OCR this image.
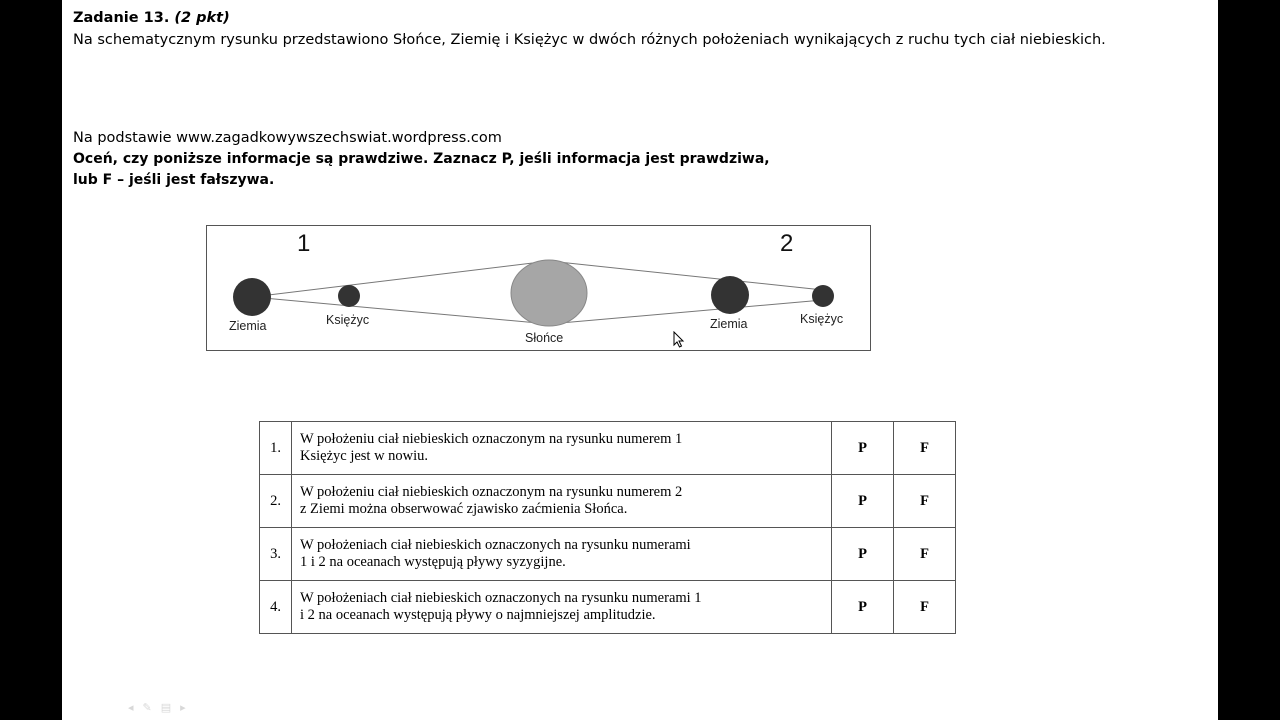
Zadanie 13. (2 pkt)
Na schematycznym rysunku przedstawiono Słońce, Ziemię i Księżyc w dwóch różnych położeniach wynikających z ruchu tych ciał niebieskich.
Na podstawie www.zagadkowywszechswiat.wordpress.com
Oceń, czy poniższe informacje są prawdziwe. Zaznacz P, jeśli informacja jest prawdziwa,
lub F – jeśli jest fałszywa.
1	2
Ziemia	Księżyc
Słońce
Ziemia	Księżyc
1.	W położeniu ciał niebieskich oznaczonym na rysunku numerem 1
Księżyc jest w nowiu.	P	F
2.	W położeniu ciał niebieskich oznaczonym na rysunku numerem 2
z Ziemi można obserwować zjawisko zaćmienia Słońca.	P	F
3.	W położeniach ciał niebieskich oznaczonych na rysunku numerami
1 i 2 na oceanach występują pływy syzygijne.	P	F
4.	W położeniach ciał niebieskich oznaczonych na rysunku numerami 1
i 2 na oceanach występują pływy o najmniejszej amplitudzie.	P	F
◂✎▤▸
